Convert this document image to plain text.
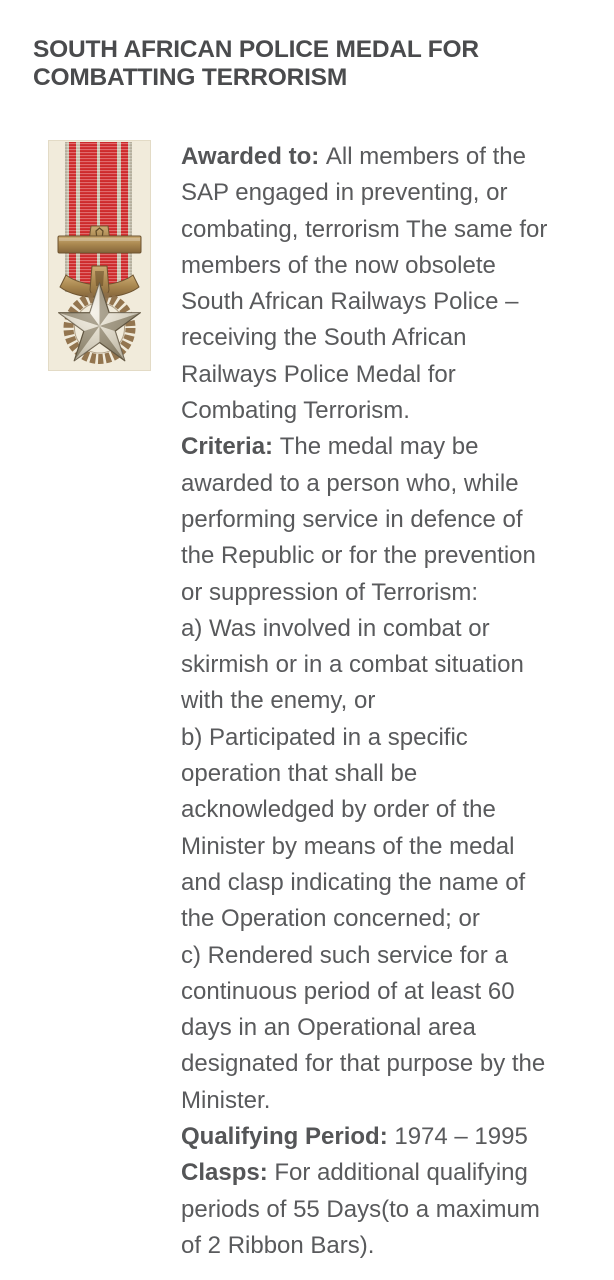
SOUTH AFRICAN POLICE MEDAL FOR COMBATTING TERRORISM

Awarded to: All members of the SAP engaged in preventing, or combating, terrorism The same for members of the now obsolete South African Railways Police – receiving the South African Railways Police Medal for Combating Terrorism.

Criteria: The medal may be awarded to a person who, while performing service in defence of the Republic or for the prevention or suppression of Terrorism:

a) Was involved in combat or skirmish or in a combat situation with the enemy, or

b) Participated in a specific operation that shall be acknowledged by order of the Minister by means of the medal and clasp indicating the name of the Operation concerned; or

c) Rendered such service for a continuous period of at least 60 days in an Operational area designated for that purpose by the Minister.

Qualifying Period: 1974 – 1995

Clasps: For additional qualifying periods of 55 Days(to a maximum of 2 Ribbon Bars).
